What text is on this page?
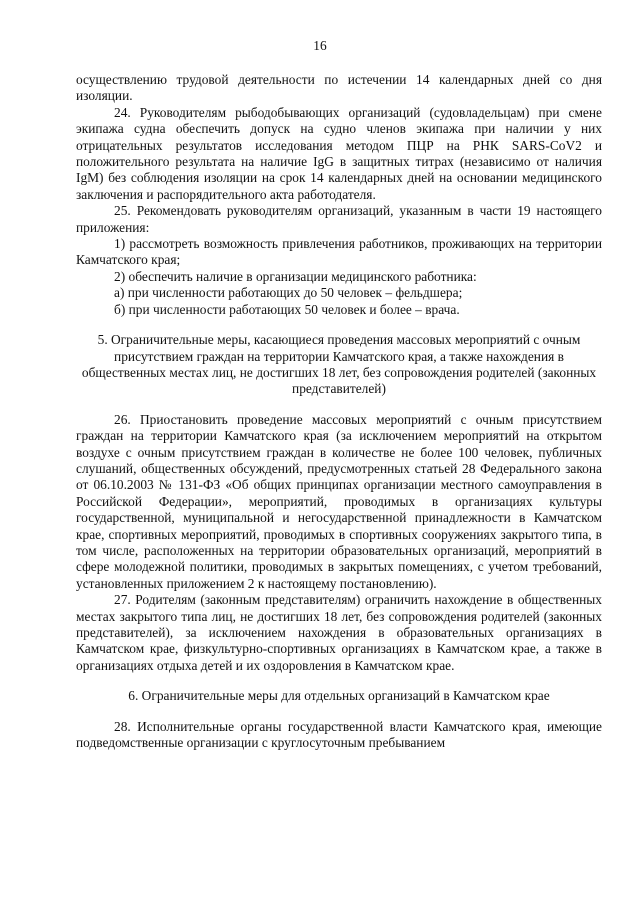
16

осуществлению трудовой деятельности по истечении 14 календарных дней со дня изоляции.

24. Руководителям рыбодобывающих организаций (судовладельцам) при смене экипажа судна обеспечить допуск на судно членов экипажа при наличии у них отрицательных результатов исследования методом ПЦР на РНК SARS-CoV2 и положительного результата на наличие IgG в защитных титрах (независимо от наличия IgM) без соблюдения изоляции на срок 14 календарных дней на основании медицинского заключения и распорядительного акта работодателя.

25. Рекомендовать руководителям организаций, указанным в части 19 настоящего приложения:

1) рассмотреть возможность привлечения работников, проживающих на территории Камчатского края;

2) обеспечить наличие в организации медицинского работника:

а) при численности работающих до 50 человек – фельдшера;

б) при численности работающих 50 человек и более – врача.

5. Ограничительные меры, касающиеся проведения массовых мероприятий с очным присутствием граждан на территории Камчатского края, а также нахождения в общественных местах лиц, не достигших 18 лет, без сопровождения родителей (законных представителей)

26. Приостановить проведение массовых мероприятий с очным присутствием граждан на территории Камчатского края (за исключением мероприятий на открытом воздухе с очным присутствием граждан в количестве не более 100 человек, публичных слушаний, общественных обсуждений, предусмотренных статьей 28 Федерального закона от 06.10.2003 № 131-ФЗ «Об общих принципах организации местного самоуправления в Российской Федерации», мероприятий, проводимых в организациях культуры государственной, муниципальной и негосударственной принадлежности в Камчатском крае, спортивных мероприятий, проводимых в спортивных сооружениях закрытого типа, в том числе, расположенных на территории образовательных организаций, мероприятий в сфере молодежной политики, проводимых в закрытых помещениях, с учетом требований, установленных приложением 2 к настоящему постановлению).

27. Родителям (законным представителям) ограничить нахождение в общественных местах закрытого типа лиц, не достигших 18 лет, без сопровождения родителей (законных представителей), за исключением нахождения в образовательных организациях в Камчатском крае, физкультурно-спортивных организациях в Камчатском крае, а также в организациях отдыха детей и их оздоровления в Камчатском крае.

6. Ограничительные меры для отдельных организаций в Камчатском крае

28. Исполнительные органы государственной власти Камчатского края, имеющие подведомственные организации с круглосуточным пребыванием
